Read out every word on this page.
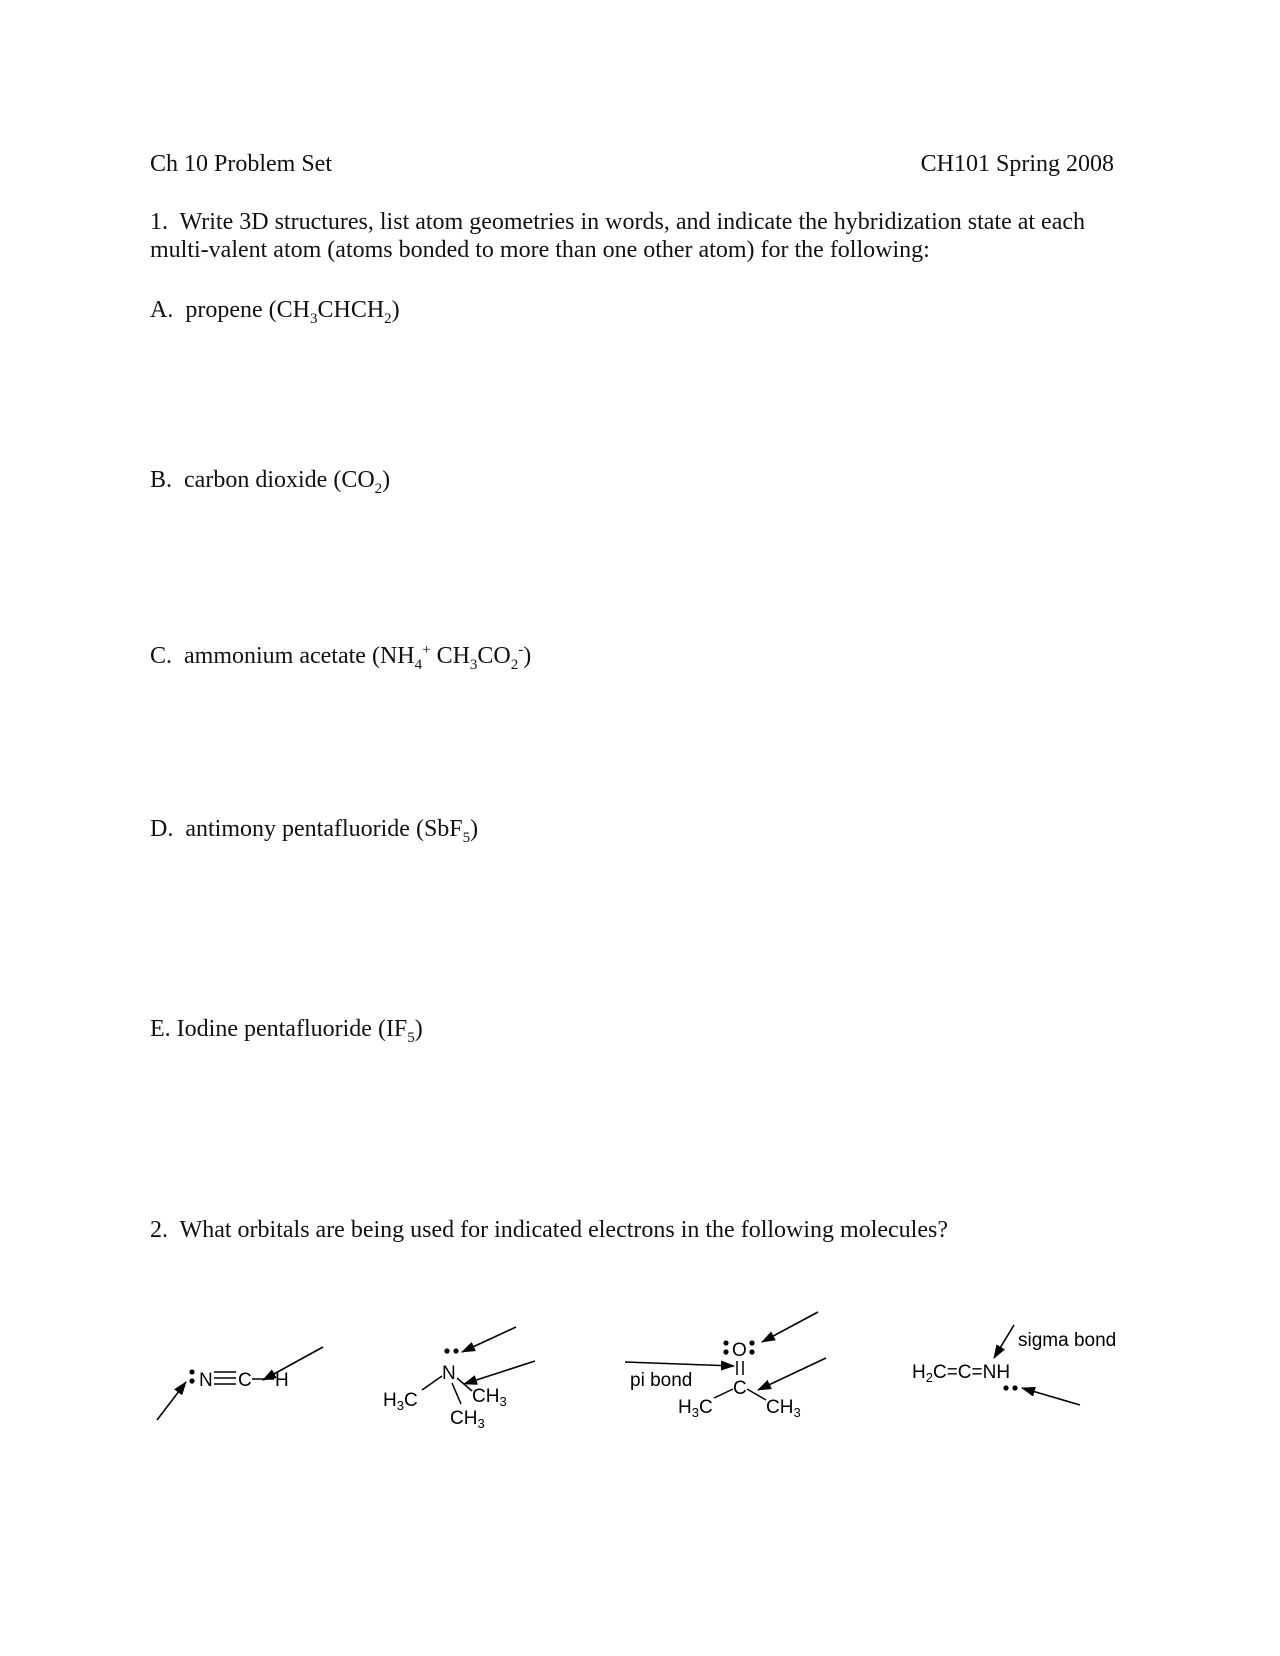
Ch 10 Problem Set	CH101 Spring 2008
1. Write 3D structures, list atom geometries in words, and indicate the hybridization state at each multi-valent atom (atoms bonded to more than one other atom) for the following:
A. propene $(CH_3CHCH_2)$
B. carbon dioxide $(CO_2)$
C. ammonium acetate ($NH_4^+$ $CH_3CO_2^-$)
D. antimony pentafluoride (SbF$_5$)
E. Iodine pentafluoride $(IF_5)$
2. What orbitals are being used for indicated electrons in the following molecules?
N C H	N
$H_3C$	$CH_3$
$CH_3$
O
C
pi bond
$H_3C$	$CH_3$
$H_2C=C=NH$
sigma bond
